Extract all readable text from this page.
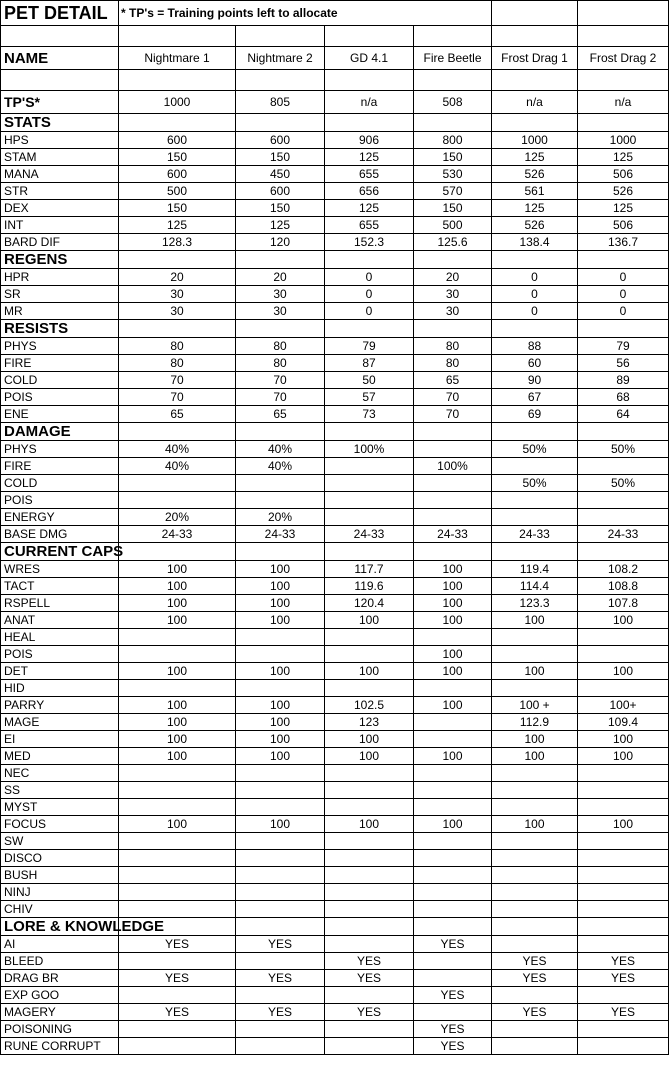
PET DETAIL	* TP's = Training points left to allocate					

NAME	Nightmare 1	Nightmare 2	GD 4.1	Fire Beetle	Frost Drag 1	Frost Drag 2

TP'S*	1000	805	n/a	508	n/a	n/a
STATS						
HPS	600	600	906	800	1000	1000
STAM	150	150	125	150	125	125
MANA	600	450	655	530	526	506
STR	500	600	656	570	561	526
DEX	150	150	125	150	125	125
INT	125	125	655	500	526	506
BARD DIF	128.3	120	152.3	125.6	138.4	136.7
REGENS						
HPR	20	20	0	20	0	0
SR	30	30	0	30	0	0
MR	30	30	0	30	0	0
RESISTS						
PHYS	80	80	79	80	88	79
FIRE	80	80	87	80	60	56
COLD	70	70	50	65	90	89
POIS	70	70	57	70	67	68
ENE	65	65	73	70	69	64
DAMAGE						
PHYS	40%	40%	100%		50%	50%
FIRE	40%	40%		100%		
COLD					50%	50%
POIS						
ENERGY	20%	20%				
BASE DMG	24-33	24-33	24-33	24-33	24-33	24-33
CURRENT CAPS						
WRES	100	100	117.7	100	119.4	108.2
TACT	100	100	119.6	100	114.4	108.8
RSPELL	100	100	120.4	100	123.3	107.8
ANAT	100	100	100	100	100	100
HEAL						
POIS				100		
DET	100	100	100	100	100	100
HID						
PARRY	100	100	102.5	100	100 +	100+
MAGE	100	100	123		112.9	109.4
EI	100	100	100		100	100
MED	100	100	100	100	100	100
NEC						
SS						
MYST						
FOCUS	100	100	100	100	100	100
SW						
DISCO						
BUSH						
NINJ						
CHIV						
LORE & KNOWLEDGE						
AI	YES	YES		YES		
BLEED			YES		YES	YES
DRAG BR	YES	YES	YES		YES	YES
EXP GOO				YES		
MAGERY	YES	YES	YES		YES	YES
POISONING				YES		
RUNE CORRUPT				YES		
